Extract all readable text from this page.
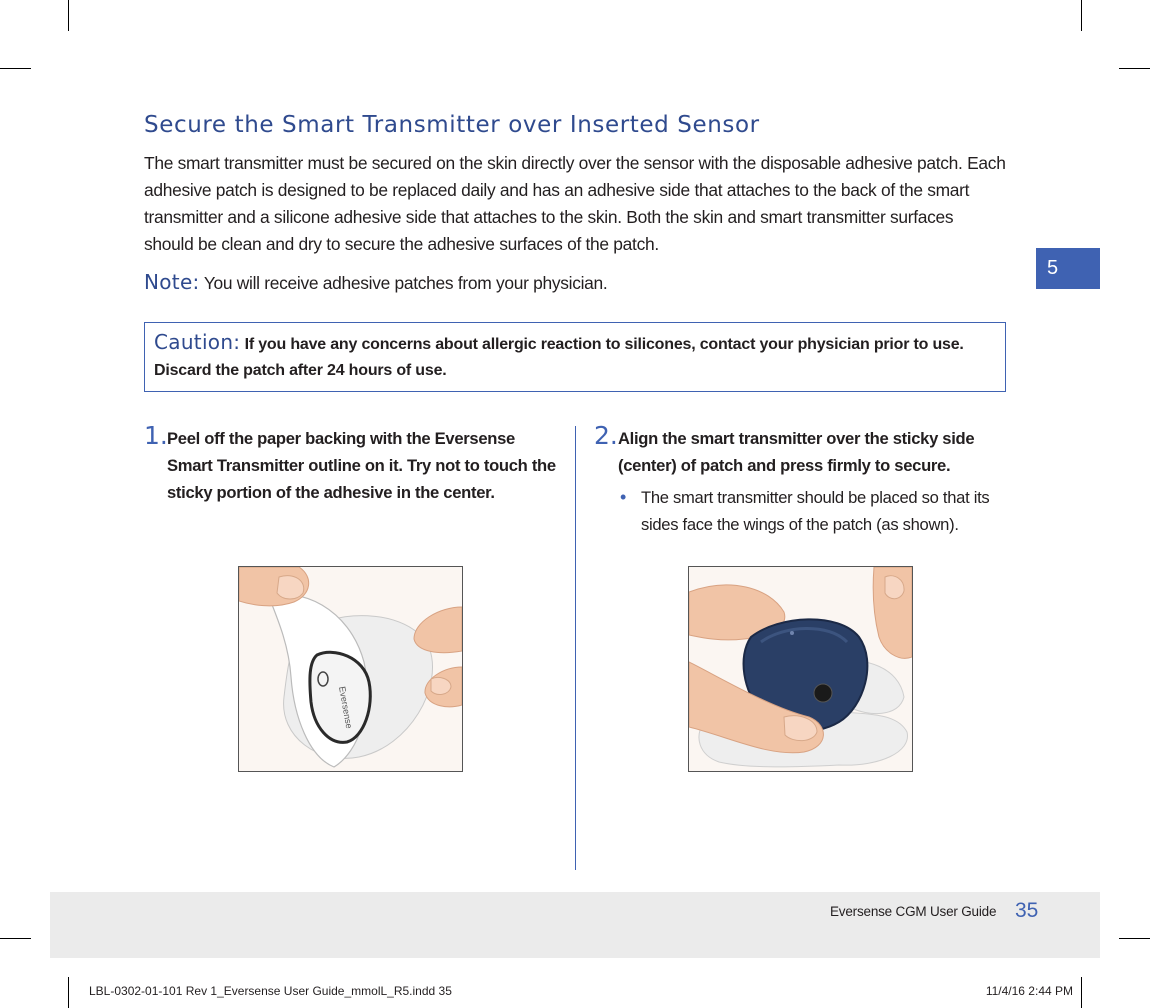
5
Secure the Smart Transmitter over Inserted Sensor

The smart transmitter must be secured on the skin directly over the sensor with the disposable adhesive patch. Each adhesive patch is designed to be replaced daily and has an adhesive side that attaches to the back of the smart transmitter and a silicone adhesive side that attaches to the skin. Both the skin and smart transmitter surfaces should be clean and dry to secure the adhesive surfaces of the patch.

Note: You will receive adhesive patches from your physician.

Caution: If you have any concerns about allergic reaction to silicones, contact your physician prior to use. Discard the patch after 24 hours of use.
1. Peel off the paper backing with the Eversense Smart Transmitter outline on it. Try not to touch the sticky portion of the adhesive in the center.
2. Align the smart transmitter over the sticky side (center) of patch and press firmly to secure.
• The smart transmitter should be placed so that its sides face the wings of the patch (as shown).
Eversense
Eversense CGM User Guide 35
LBL-0302-01-101 Rev 1_Eversense User Guide_mmolL_R5.indd 35	11/4/16 2:44 PM
